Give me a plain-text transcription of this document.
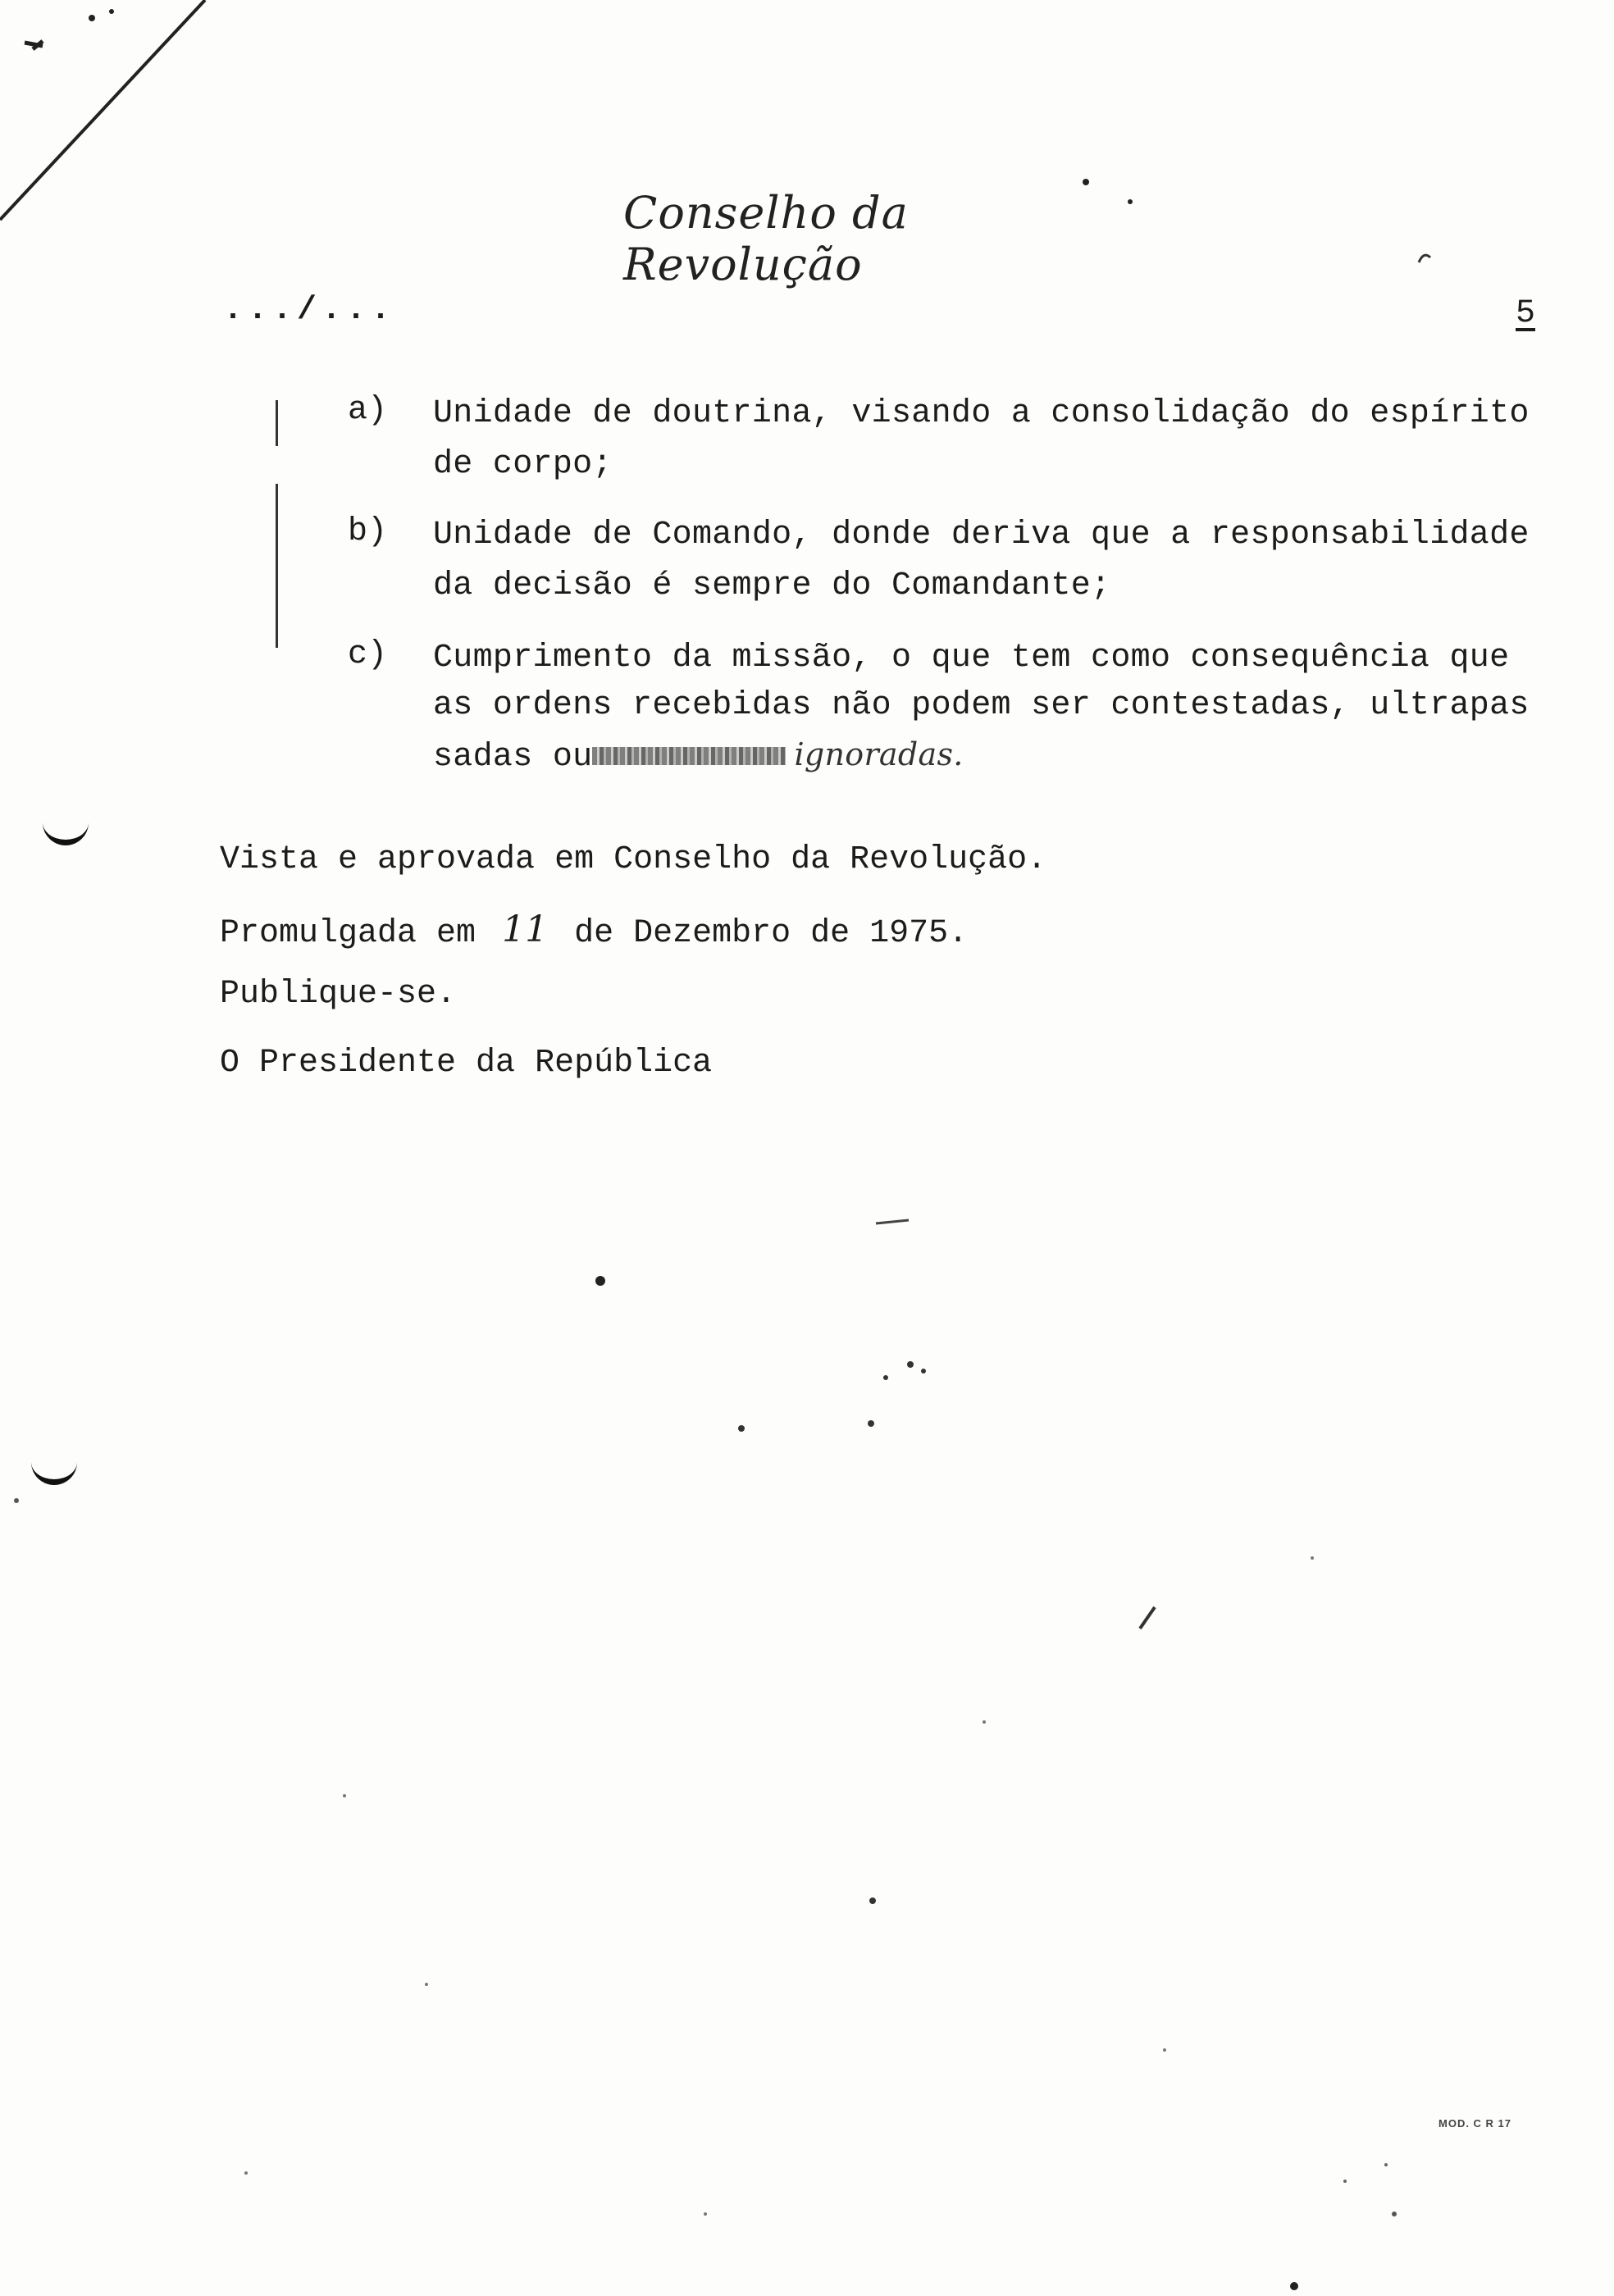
Conselho da Revolução
.../...	5
a) Unidade de doutrina, visando a consolidação do espírito
de corpo;
b) Unidade de Comando, donde deriva que a responsabilidade
da decisão é sempre do Comandante;
c) Cumprimento da missão, o que tem como consequência que
as ordens recebidas não podem ser contestadas, ultrapas
sadas ou	ignoradas.
Vista e aprovada em Conselho da Revolução.
Promulgada em 11 de Dezembro de 1975.
Publique-se.
O Presidente da República
MOD. C R 17
